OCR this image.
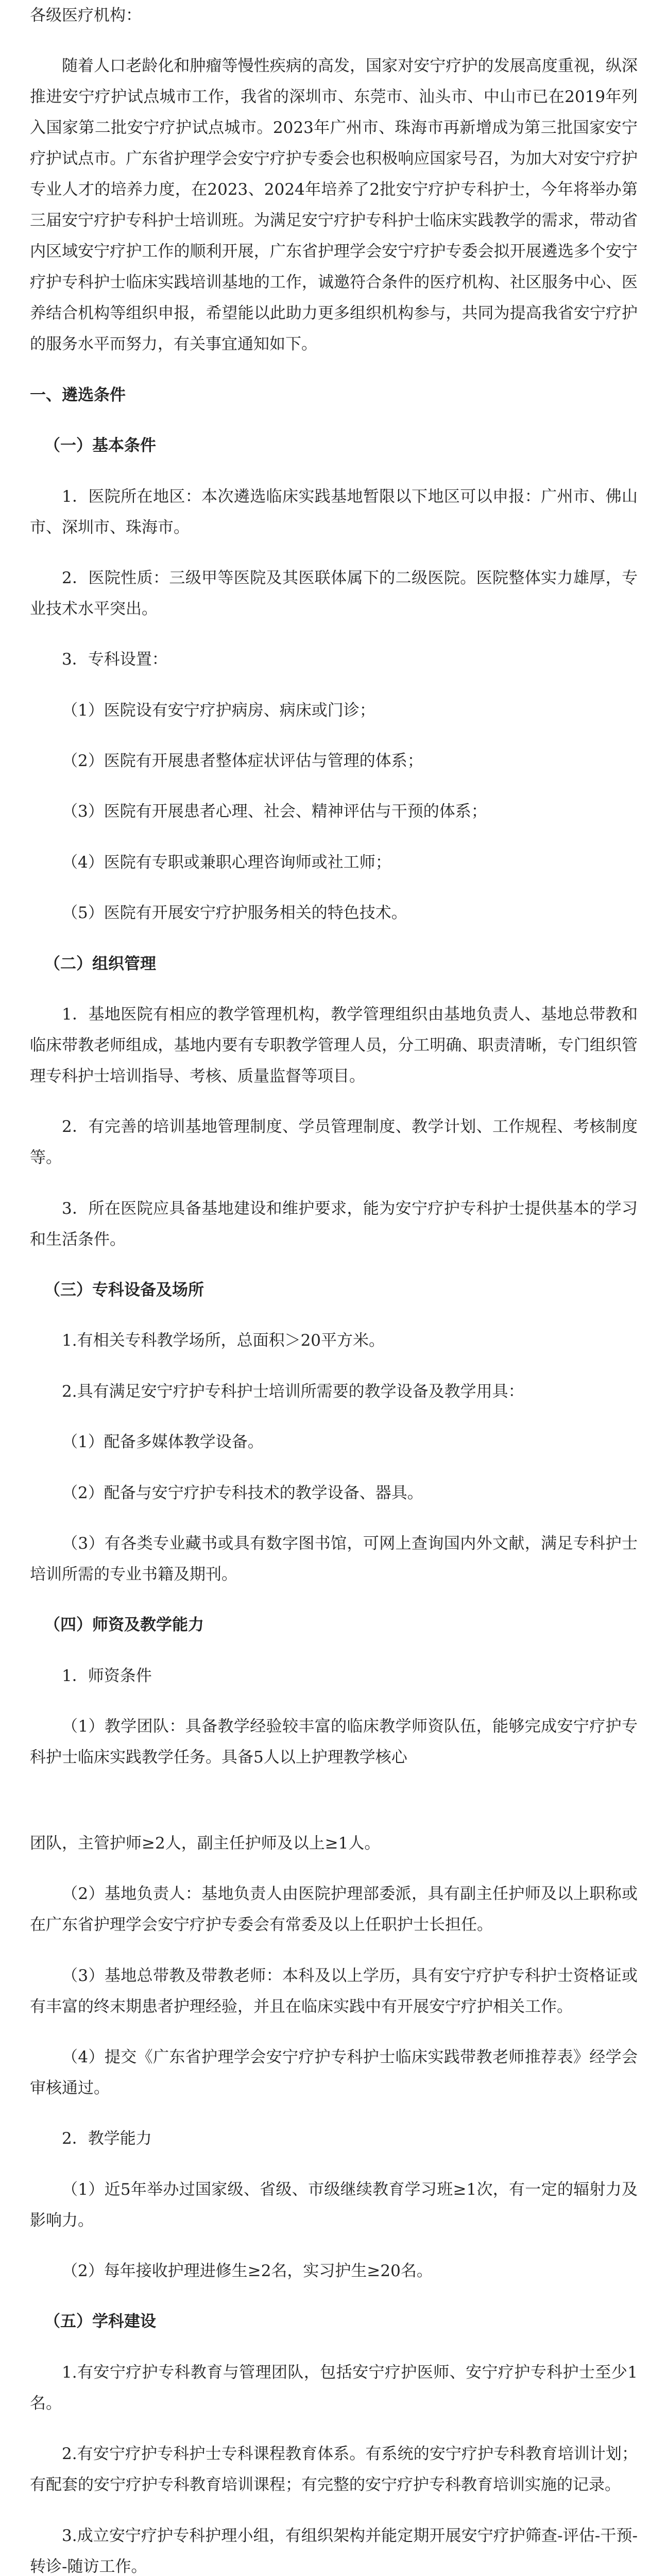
各级医疗机构：

随着人口老龄化和肿瘤等慢性疾病的高发，国家对安宁疗护的发展高度重视，纵深推进安宁疗护试点城市工作，我省的深圳市、东莞市、汕头市、中山市已在2019年列入国家第二批安宁疗护试点城市。2023年广州市、珠海市再新增成为第三批国家安宁疗护试点市。广东省护理学会安宁疗护专委会也积极响应国家号召，为加大对安宁疗护专业人才的培养力度，在2023、2024年培养了2批安宁疗护专科护士，今年将举办第三届安宁疗护专科护士培训班。为满足安宁疗护专科护士临床实践教学的需求，带动省内区域安宁疗护工作的顺利开展，广东省护理学会安宁疗护专委会拟开展遴选多个安宁疗护专科护士临床实践培训基地的工作，诚邀符合条件的医疗机构、社区服务中心、医养结合机构等组织申报，希望能以此助力更多组织机构参与，共同为提高我省安宁疗护的服务水平而努力，有关事宜通知如下。

一、遴选条件

（一）基本条件

1．医院所在地区：本次遴选临床实践基地暂限以下地区可以申报：广州市、佛山市、深圳市、珠海市。

2．医院性质：三级甲等医院及其医联体属下的二级医院。医院整体实力雄厚，专业技术水平突出。

3．专科设置：

（1）医院设有安宁疗护病房、病床或门诊；

（2）医院有开展患者整体症状评估与管理的体系；

（3）医院有开展患者心理、社会、精神评估与干预的体系；

（4）医院有专职或兼职心理咨询师或社工师；

（5）医院有开展安宁疗护服务相关的特色技术。

（二）组织管理

1．基地医院有相应的教学管理机构，教学管理组织由基地负责人、基地总带教和临床带教老师组成，基地内要有专职教学管理人员，分工明确、职责清晰，专门组织管理专科护士培训指导、考核、质量监督等项目。

2．有完善的培训基地管理制度、学员管理制度、教学计划、工作规程、考核制度等。

3．所在医院应具备基地建设和维护要求，能为安宁疗护专科护士提供基本的学习和生活条件。

（三）专科设备及场所

1.有相关专科教学场所，总面积＞20平方米。

2.具有满足安宁疗护专科护士培训所需要的教学设备及教学用具：

（1）配备多媒体教学设备。

（2）配备与安宁疗护专科技术的教学设备、器具。

（3）有各类专业藏书或具有数字图书馆，可网上查询国内外文献，满足专科护士培训所需的专业书籍及期刊。

（四）师资及教学能力

1．师资条件

（1）教学团队：具备教学经验较丰富的临床教学师资队伍，能够完成安宁疗护专科护士临床实践教学任务。具备5人以上护理教学核心

团队，主管护师≥2人，副主任护师及以上≥1人。

（2）基地负责人：基地负责人由医院护理部委派，具有副主任护师及以上职称或在广东省护理学会安宁疗护专委会有常委及以上任职护士长担任。

（3）基地总带教及带教老师：本科及以上学历，具有安宁疗护专科护士资格证或有丰富的终末期患者护理经验，并且在临床实践中有开展安宁疗护相关工作。

（4）提交《广东省护理学会安宁疗护专科护士临床实践带教老师推荐表》经学会审核通过。

2．教学能力

（1）近5年举办过国家级、省级、市级继续教育学习班≥1次，有一定的辐射力及影响力。

（2）每年接收护理进修生≥2名，实习护生≥20名。

（五）学科建设

1.有安宁疗护专科教育与管理团队，包括安宁疗护医师、安宁疗护专科护士至少1名。

2.有安宁疗护专科护士专科课程教育体系。有系统的安宁疗护专科教育培训计划；有配套的安宁疗护专科教育培训课程；有完整的安宁疗护专科教育培训实施的记录。

3.成立安宁疗护专科护理小组，有组织架构并能定期开展安宁疗护筛查-评估-干预-转诊-随访工作。
